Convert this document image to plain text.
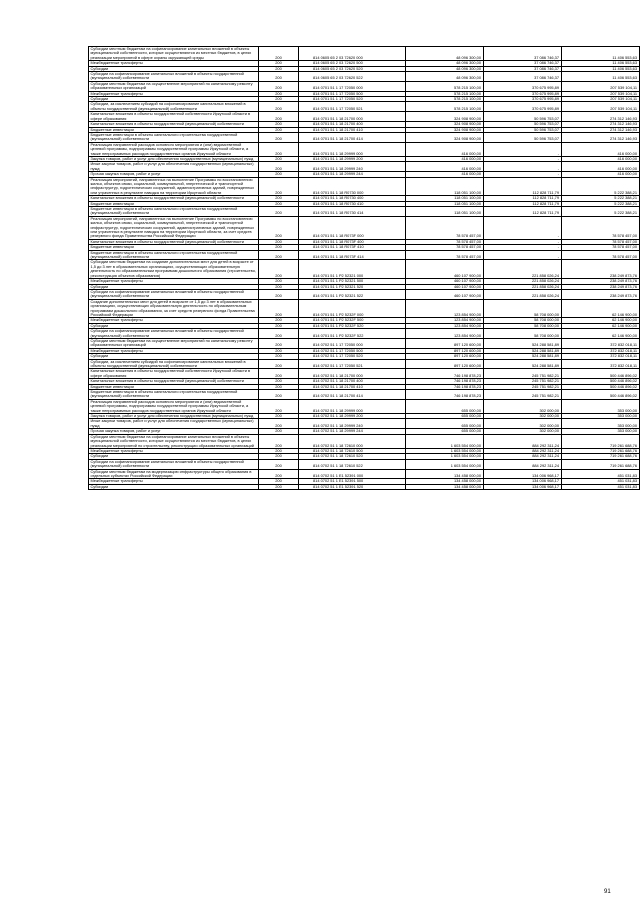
Субсидии местным бюджетам на софинансирование капитальных вложений в объекты муниципальной собственности, которые осуществляются из местных бюджетов, в целях реализации мероприятий в сфере охраны окружающей среды	200	814 0605 65 2 03 72620 000	48 096 300,00	37 086 746,37	11 406 553,63
Межбюджетные трансферты	200	814 0605 65 2 03 72620 500	48 096 300,00	37 086 746,37	11 406 553,63
Субсидии	200	814 0605 65 2 03 72620 520	48 096 300,00	37 086 746,37	11 406 553,63
Субсидии на софинансирование капитальных вложений в объекты государственной (муниципальной) собственности	200	814 0605 65 2 03 72620 522	48 096 300,00	37 086 746,37	11 406 553,63
Субсидии местным бюджетам на осуществление мероприятий по капитальному ремонту образовательных организаций	200	814 0701 51 1 17 72050 000	578 215 100,00	370 675 995,89	207 539 104,11
Межбюджетные трансферты	200	814 0701 51 1 17 72050 500	578 215 100,00	370 675 995,89	207 539 104,11
Субсидии	200	814 0701 51 1 17 72050 520	578 215 100,00	370 675 995,89	207 539 104,11
Субсидии, за исключением субсидий на софинансирование капитальных вложений в объекты государственной (муниципальной) собственности	200	814 0701 51 1 17 72050 521	578 215 100,00	370 675 995,89	207 539 104,11
Капитальные вложения в объекты государственной собственности Иркутской области в сфере образования	200	814 0701 51 1 18 21700 000	324 908 900,00	50 596 753,07	274 312 146,93
Капитальные вложения в объекты государственной (муниципальной) собственности	200	814 0701 51 1 18 21700 400	324 908 900,00	50 596 753,07	274 312 146,93
Бюджетные инвестиции	200	814 0701 51 1 18 21700 410	324 908 900,00	50 596 753,07	274 312 146,93
Бюджетные инвестиции в объекты капитального строительства государственной (муниципальной) собственности	200	814 0701 51 1 18 21700 414	324 908 900,00	50 596 753,07	274 312 146,93
Реализация направлений расходов основного мероприятия и (или) ведомственной целевой программы, подпрограммы государственной программы Иркутской области, а также непрограммных расходов государственных органов Иркутской области	200	814 0701 51 1 18 29999 000	416 000,00	-	416 000,00
Закупка товаров, работ и услуг для обеспечения государственных (муниципальных) нужд	200	814 0701 51 1 18 29999 200	416 000,00	-	416 000,00
Иные закупки товаров, работ и услуг для обеспечения государственных (муниципальных) нужд	200	814 0701 51 1 18 29999 240	416 000,00	-	416 000,00
Прочая закупка товаров, работ и услуг	200	814 0701 51 1 18 29999 244	416 000,00	-	416 000,00
Реализация мероприятий, направленных на выполнение Программы по восстановлению жилья, объектов связи, социальной, коммунальной, энергетической и транспортной инфраструктур, гидротехнических сооружений, административных зданий, поврежденных или утраченных в результате паводка на территории Иркутской области	200	814 0701 51 1 18 R0730 000	118 051 100,00	112 828 711,79	5 222 388,21
Капитальные вложения в объекты государственной (муниципальной) собственности	200	814 0701 51 1 18 R0730 400	118 051 100,00	112 828 711,79	5 222 388,21
Бюджетные инвестиции	200	814 0701 51 1 18 R0730 410	118 051 100,00	112 828 711,79	5 222 388,21
Бюджетные инвестиции в объекты капитального строительства государственной (муниципальной) собственности	200	814 0701 51 1 18 R0730 414	118 051 100,00	112 828 711,79	5 222 388,21
Реализация мероприятий, направленных на выполнение Программы по восстановлению жилья, объектов связи, социальной, коммунальной, энергетической и транспортной инфраструктур, гидротехнических сооружений, административных зданий, поврежденных или утраченных в результате паводка на территории Иркутской области, за счет средств резервного фонда Правительства Российской Федерации	200	814 0701 51 1 18 R073F 000	78 578 457,00	-	78 578 457,00
Капитальные вложения в объекты государственной (муниципальной) собственности	200	814 0701 51 1 18 R073F 400	78 578 457,00	-	78 578 457,00
Бюджетные инвестиции	200	814 0701 51 1 18 R073F 410	78 578 457,00	-	78 578 457,00
Бюджетные инвестиции в объекты капитального строительства государственной (муниципальной) собственности	200	814 0701 51 1 18 R073F 414	78 578 457,00	-	78 578 457,00
Субсидии местным бюджетам на создание дополнительных мест для детей в возрасте от 1,5 до 3 лет в образовательных организациях, осуществляющих образовательную деятельность по образовательным программам дошкольного образования (строительство, реконструкция объектов образования)	200	814 0701 51 1 P2 52321 000	460 107 900,00	221 858 026,24	238 249 873,76
Межбюджетные трансферты	200	814 0701 51 1 P2 52321 500	460 107 900,00	221 858 026,24	238 249 873,76
Субсидии	200	814 0701 51 1 P2 52321 520	460 107 900,00	221 858 026,24	238 249 873,76
Субсидии на софинансирование капитальных вложений в объекты государственной (муниципальной) собственности	200	814 0701 51 1 P2 52321 522	460 107 900,00	221 858 026,24	238 249 873,76
Создание дополнительных мест для детей в возрасте от 1,5 до 3 лет в образовательных организациях, осуществляющих образовательную деятельность по образовательным программам дошкольного образования, за счет средств резервного фонда Правительства Российской Федерации	200	814 0701 51 1 P2 5232F 000	123 854 900,00	58 708 000,00	62 146 900,00
Межбюджетные трансферты	200	814 0701 51 1 P2 5232F 500	123 854 900,00	58 708 000,00	62 146 900,00
Субсидии	200	814 0701 51 1 P2 5232F 520	123 854 900,00	58 708 000,00	62 146 900,00
Субсидии на софинансирование капитальных вложений в объекты государственной (муниципальной) собственности	200	814 0701 51 1 P2 5232F 522	123 854 900,00	58 708 000,00	62 146 900,00
Субсидии местным бюджетам на осуществление мероприятий по капитальному ремонту образовательных организаций	200	814 0702 51 1 17 72050 000	897 120 600,00	524 288 581,89	372 832 018,11
Межбюджетные трансферты	200	814 0702 51 1 17 72050 500	897 120 600,00	524 288 581,89	372 832 018,11
Субсидии	200	814 0702 51 1 17 72050 520	897 120 600,00	524 288 581,89	372 832 018,11
Субсидии, за исключением субсидий на софинансирование капитальных вложений в объекты государственной (муниципальной) собственности	200	814 0702 51 1 17 72050 521	897 120 600,00	524 288 581,89	372 832 018,11
Капитальные вложения в объекты государственной собственности Иркутской области в сфере образования	200	814 0702 51 1 18 21700 000	746 198 878,23	245 751 982,21	500 446 896,02
Капитальные вложения в объекты государственной (муниципальной) собственности	200	814 0702 51 1 18 21700 400	746 198 878,23	245 751 982,21	500 446 896,02
Бюджетные инвестиции	200	814 0702 51 1 18 21700 410	746 198 878,23	245 751 982,21	500 446 896,02
Бюджетные инвестиции в объекты капитального строительства государственной (муниципальной) собственности	200	814 0702 51 1 18 21700 414	746 198 878,23	245 751 982,21	500 446 896,02
Реализация направлений расходов основного мероприятия и (или) ведомственной целевой программы, подпрограммы государственной программы Иркутской области, а также непрограммных расходов государственных органов Иркутской области	200	814 0702 51 1 18 29999 000	655 000,00	302 000,00	353 000,00
Закупка товаров, работ и услуг для обеспечения государственных (муниципальных) нужд	200	814 0702 51 1 18 29999 200	655 000,00	302 000,00	353 000,00
Иные закупки товаров, работ и услуг для обеспечения государственных (муниципальных) нужд	200	814 0702 51 1 18 29999 240	655 000,00	302 000,00	353 000,00
Прочая закупка товаров, работ и услуг	200	814 0702 51 1 18 29999 244	655 000,00	302 000,00	353 000,00
Субсидии местным бюджетам на софинансирование капитальных вложений в объекты муниципальной собственности, которые осуществляются из местных бюджетов, в целях реализации мероприятий по строительству, реконструкции образовательных организаций	200	814 0702 51 1 18 72610 000	1 603 554 000,00	884 292 311,24	719 261 688,76
Межбюджетные трансферты	200	814 0702 51 1 18 72610 500	1 603 554 000,00	884 292 311,24	719 261 688,76
Субсидии	200	814 0702 51 1 18 72610 520	1 603 554 000,00	884 292 311,24	719 261 688,76
Субсидии на софинансирование капитальных вложений в объекты государственной (муниципальной) собственности	200	814 0702 51 1 18 72610 522	1 603 554 000,00	884 292 311,24	719 261 688,76
Субсидии местным бюджетам на модернизацию инфраструктуры общего образования в отдельных субъектах Российской Федерации	200	814 0702 51 1 E1 52391 000	134 458 000,00	134 006 968,17	451 031,83
Межбюджетные трансферты	200	814 0702 51 1 E1 52391 500	134 458 000,00	134 006 968,17	451 031,83
Субсидии	200	814 0702 51 1 E1 52391 520	134 458 000,00	134 006 968,17	451 031,83
91
